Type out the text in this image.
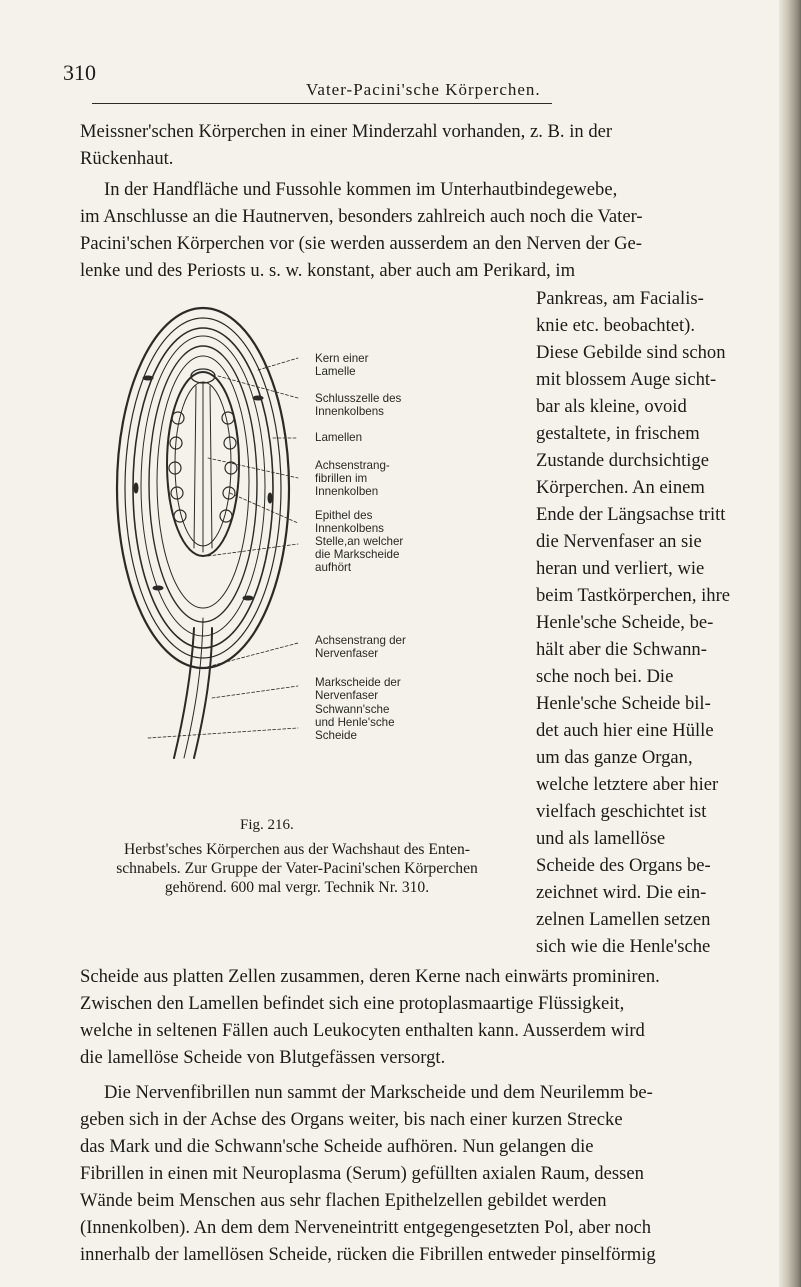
310
Vater-Pacini'sche Körperchen.
Meissner'schen Körperchen in einer Minderzahl vorhanden, z. B. in der
Rückenhaut.
In der Handfläche und Fussohle kommen im Unterhautbindegewebe,
im Anschlusse an die Hautnerven, besonders zahlreich auch noch die Vater-
Pacini'schen Körperchen vor (sie werden ausserdem an den Nerven der Ge-
lenke und des Periosts u. s. w. konstant, aber auch am Perikard, im
Pankreas, am Facialis-
knie etc. beobachtet).
Diese Gebilde sind schon
mit blossem Auge sicht-
bar als kleine, ovoid
gestaltete, in frischem
Zustande durchsichtige
Körperchen. An einem
Ende der Längsachse tritt
die Nervenfaser an sie
heran und verliert, wie
beim Tastkörperchen, ihre
Henle'sche Scheide, be-
hält aber die Schwann-
sche noch bei. Die
Henle'sche Scheide bil-
det auch hier eine Hülle
um das ganze Organ,
welche letztere aber hier
vielfach geschichtet ist
und als lamellöse
Scheide des Organs be-
zeichnet wird. Die ein-
zelnen Lamellen setzen
sich wie die Henle'sche
Kern einer
Lamelle
Schlusszelle des
Innenkolbens
Lamellen
Achsenstrang-
fibrillen im
Innenkolben
Epithel des
Innenkolbens
Stelle,an welcher
die Markscheide
aufhört
Achsenstrang der
Nervenfaser
Markscheide der
Nervenfaser
Schwann'sche
und Henle'sche
Scheide
Fig. 216.
Herbst'sches Körperchen aus der Wachshaut des Enten-
schnabels. Zur Gruppe der Vater-Pacini'schen Körperchen
gehörend. 600 mal vergr. Technik Nr. 310.
Scheide aus platten Zellen zusammen, deren Kerne nach einwärts prominiren.
Zwischen den Lamellen befindet sich eine protoplasmaartige Flüssigkeit,
welche in seltenen Fällen auch Leukocyten enthalten kann. Ausserdem wird
die lamellöse Scheide von Blutgefässen versorgt.
Die Nervenfibrillen nun sammt der Markscheide und dem Neurilemm be-
geben sich in der Achse des Organs weiter, bis nach einer kurzen Strecke
das Mark und die Schwann'sche Scheide aufhören. Nun gelangen die
Fibrillen in einen mit Neuroplasma (Serum) gefüllten axialen Raum, dessen
Wände beim Menschen aus sehr flachen Epithelzellen gebildet werden
(Innenkolben). An dem dem Nerveneintritt entgegengesetzten Pol, aber noch
innerhalb der lamellösen Scheide, rücken die Fibrillen entweder pinselförmig
